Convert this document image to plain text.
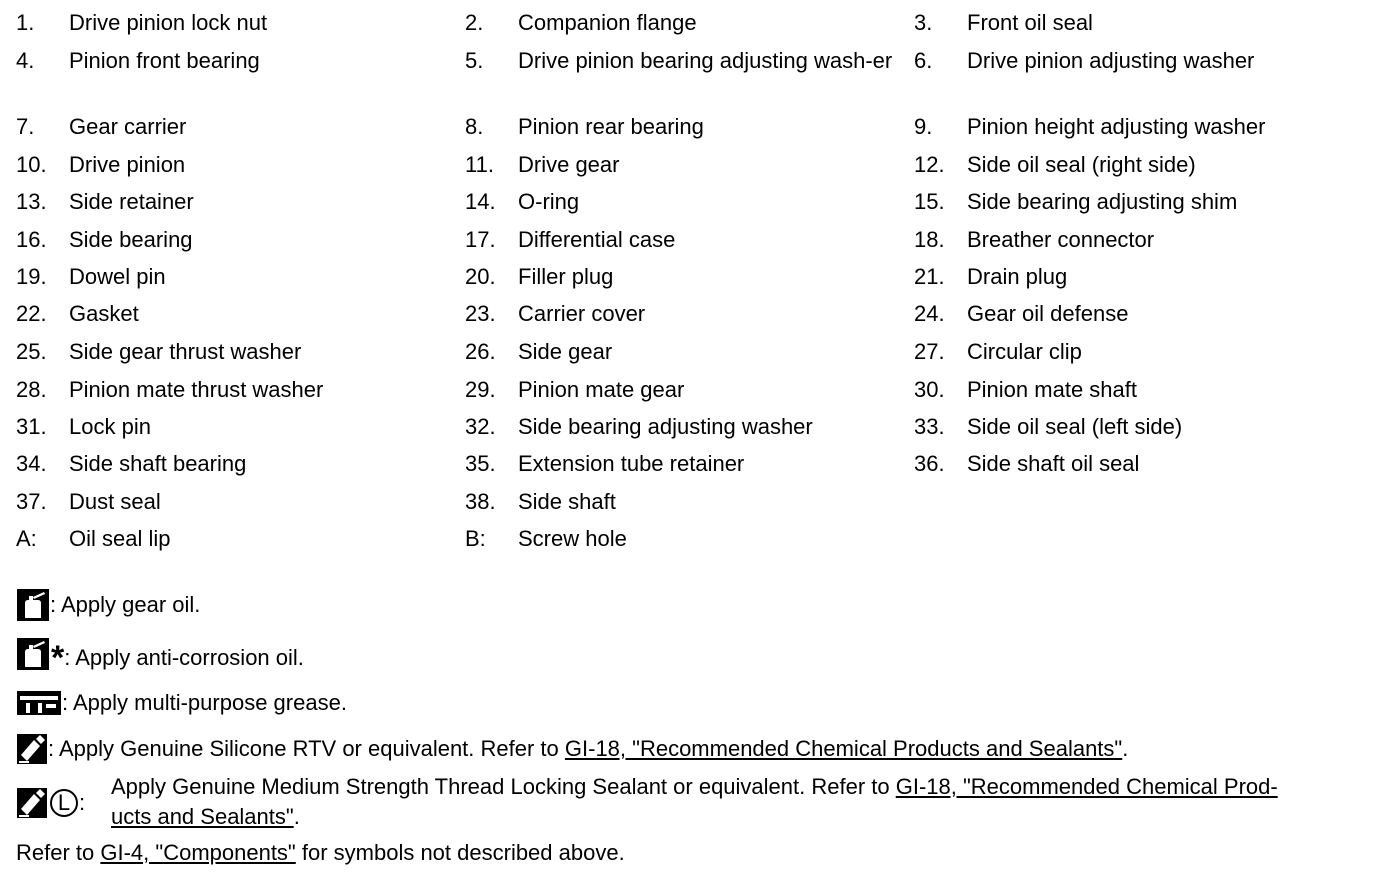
1.	Drive pinion lock nut	2.	Companion flange	3.	Front oil seal
4.	Pinion front bearing	5.	Drive pinion bearing adjusting wash-er 6.	Drive pinion adjusting washer
7.	Gear carrier	8.	Pinion rear bearing	9.	Pinion height adjusting washer
10.	Drive pinion	11.	Drive gear	12.	Side oil seal (right side)
13.	Side retainer	14.	O-ring	15.	Side bearing adjusting shim
16.	Side bearing	17.	Differential case	18.	Breather connector
19.	Dowel pin	20.	Filler plug	21.	Drain plug
22.	Gasket	23.	Carrier cover	24.	Gear oil defense
25.	Side gear thrust washer	26.	Side gear	27.	Circular clip
28.	Pinion mate thrust washer	29.	Pinion mate gear	30.	Pinion mate shaft
31.	Lock pin	32.	Side bearing adjusting washer	33.	Side oil seal (left side)
34.	Side shaft bearing	35.	Extension tube retainer	36.	Side shaft oil seal
37.	Dust seal	38.	Side shaft
A:	Oil seal lip	B:	Screw hole
: Apply gear oil.
* : Apply anti-corrosion oil.
: Apply multi-purpose grease.
: Apply Genuine Silicone RTV or equivalent. Refer to GI-18, "Recommended Chemical Products and Sealants".
L :
Apply Genuine Medium Strength Thread Locking Sealant or equivalent. Refer to GI-18, "Recommended Chemical Prod-
ucts and Sealants".
Refer to GI-4, "Components" for symbols not described above.
